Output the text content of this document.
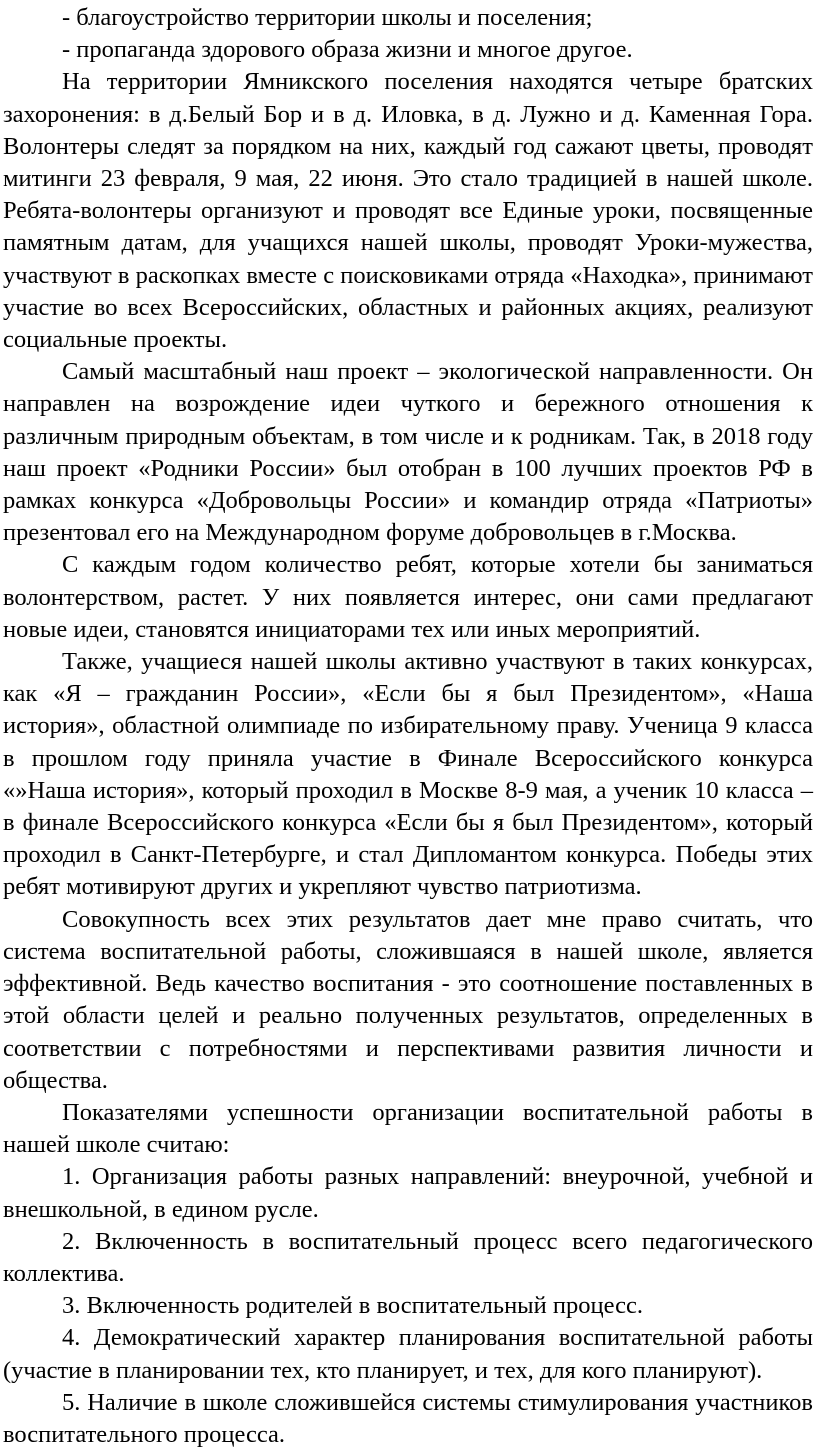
- благоустройство территории школы и поселения;

- пропаганда здорового образа жизни и многое другое.

На территории Ямникского поселения находятся четыре братских захоронения: в д.Белый Бор и в д. Иловка, в д. Лужно и д. Каменная Гора. Волонтеры следят за порядком на них, каждый год сажают цветы, проводят митинги 23 февраля, 9 мая, 22 июня. Это стало традицией в нашей школе. Ребята-волонтеры организуют и проводят все Единые уроки, посвященные памятным датам, для учащихся нашей школы, проводят Уроки-мужества, участвуют в раскопках вместе с поисковиками отряда «Находка», принимают участие во всех Всероссийских, областных и районных акциях, реализуют социальные проекты.

Самый масштабный наш проект – экологической направленности. Он направлен на возрождение идеи чуткого и бережного отношения к различным природным объектам, в том числе и к родникам. Так, в 2018 году наш проект «Родники России» был отобран в 100 лучших проектов РФ в рамках конкурса «Добровольцы России» и командир отряда «Патриоты» презентовал его на Международном форуме добровольцев в г.Москва.

С каждым годом количество ребят, которые хотели бы заниматься волонтерством, растет. У них появляется интерес, они сами предлагают новые идеи, становятся инициаторами тех или иных мероприятий.

Также, учащиеся нашей школы активно участвуют в таких конкурсах, как «Я – гражданин России», «Если бы я был Президентом», «Наша история», областной олимпиаде по избирательному праву. Ученица 9 класса в прошлом году приняла участие в Финале Всероссийского конкурса «»Наша история», который проходил в Москве 8-9 мая, а ученик 10 класса – в финале Всероссийского конкурса «Если бы я был Президентом», который проходил в Санкт-Петербурге, и стал Дипломантом конкурса. Победы этих ребят мотивируют других и укрепляют чувство патриотизма.

Совокупность всех этих результатов дает мне право считать, что система воспитательной работы, сложившаяся в нашей школе, является эффективной. Ведь качество воспитания - это соотношение поставленных в этой области целей и реально полученных результатов, определенных в соответствии с потребностями и перспективами развития личности и общества.

Показателями успешности организации воспитательной работы в нашей школе считаю:

1. Организация работы разных направлений: внеурочной, учебной и внешкольной, в едином русле.

2. Включенность в воспитательный процесс всего педагогического коллектива.

3. Включенность родителей в воспитательный процесс.

4. Демократический характер планирования воспитательной работы (участие в планировании тех, кто планирует, и тех, для кого планируют).

5. Наличие в школе сложившейся системы стимулирования участников воспитательного процесса.
